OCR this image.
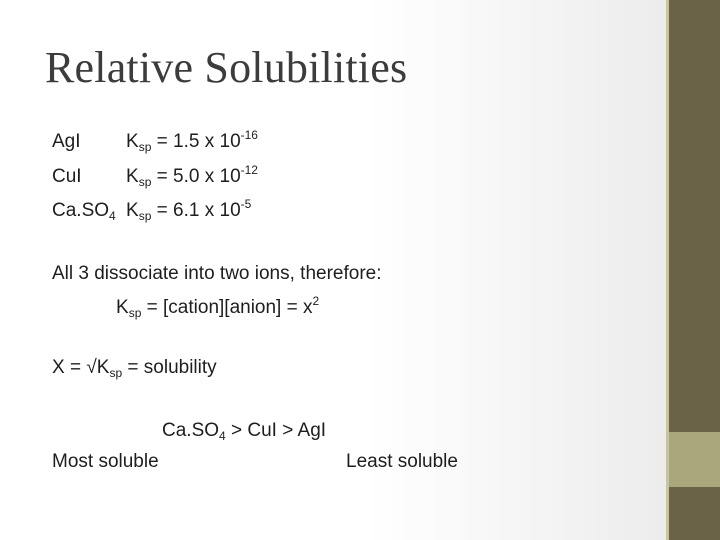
Relative Solubilities
AgI $K_{sp} = 1.5$ x $10^{-16}$
CuI $K_{sp} = 5.0$ x $10^{-12}$
$Ca.SO_4$ $K_{sp} = 6.1$ x $10^{-5}$
All 3 dissociate into two ions, therefore:
$K_{sp}$ = [cation][anion] = $x^2$
$X = √K_{sp}$ = solubility
$Ca.SO_4$ > CuI > AgI
Most soluble	Least soluble
